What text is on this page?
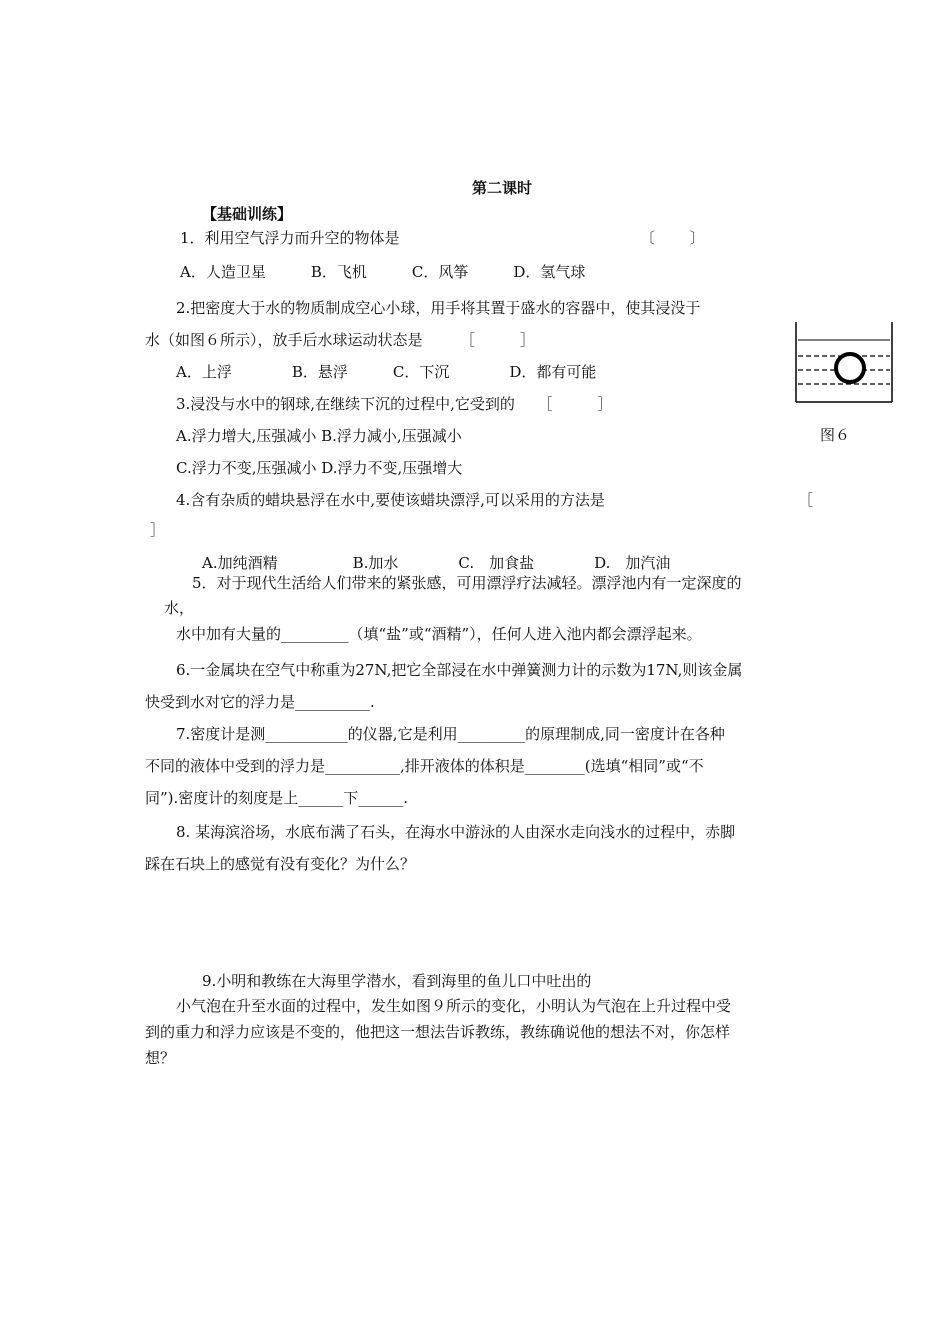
第二课时
【基础训练】
1．利用空气浮力而升空的物体是	〔　　 〕
A．人造卫星　　　B．飞机　　　C．风筝　　　D．氢气球
2.把密度大于水的物质制成空心小球，用手将其置于盛水的容器中，使其浸没于
水（如图６所示），放手后水球运动状态是　　　［　　　］
A．上浮　　　　B．悬浮　　　C．下沉　　　　D．都有可能
图６
3.浸没与水中的钢球,在继续下沉的过程中,它受到的　　［　　　］
A.浮力增大,压强减小 B.浮力减小,压强减小
C.浮力不变,压强减小 D.浮力不变,压强增大
4.含有杂质的蜡块悬浮在水中,要使该蜡块漂浮,可以采用的方法是	［
］
A.加纯酒精　　　　　B.加水　　　　C.　加食盐　　　　D.　加汽油
5．对于现代生活给人们带来的紧张感，可用漂浮疗法减轻。漂浮池内有一定深度的
水，
水中加有大量的_________（填“盐”或“酒精”），任何人进入池内都会漂浮起来。
6.一金属块在空气中称重为27N,把它全部浸在水中弹簧测力计的示数为17N,则该金属
快受到水对它的浮力是__________.
7.密度计是测___________的仪器,它是利用_________的原理制成,同一密度计在各种
不同的液体中受到的浮力是__________,排开液体的体积是________(选填“相同”或“不
同”).密度计的刻度是上______下______.
8. 某海滨浴场，水底布满了石头，在海水中游泳的人由深水走向浅水的过程中，赤脚
踩在石块上的感觉有没有变化？为什么？
9.小明和教练在大海里学潜水，看到海里的鱼儿口中吐出的
小气泡在升至水面的过程中，发生如图９所示的变化，小明认为气泡在上升过程中受
到的重力和浮力应该是不变的，他把这一想法告诉教练，教练确说他的想法不对，你怎样
想？
